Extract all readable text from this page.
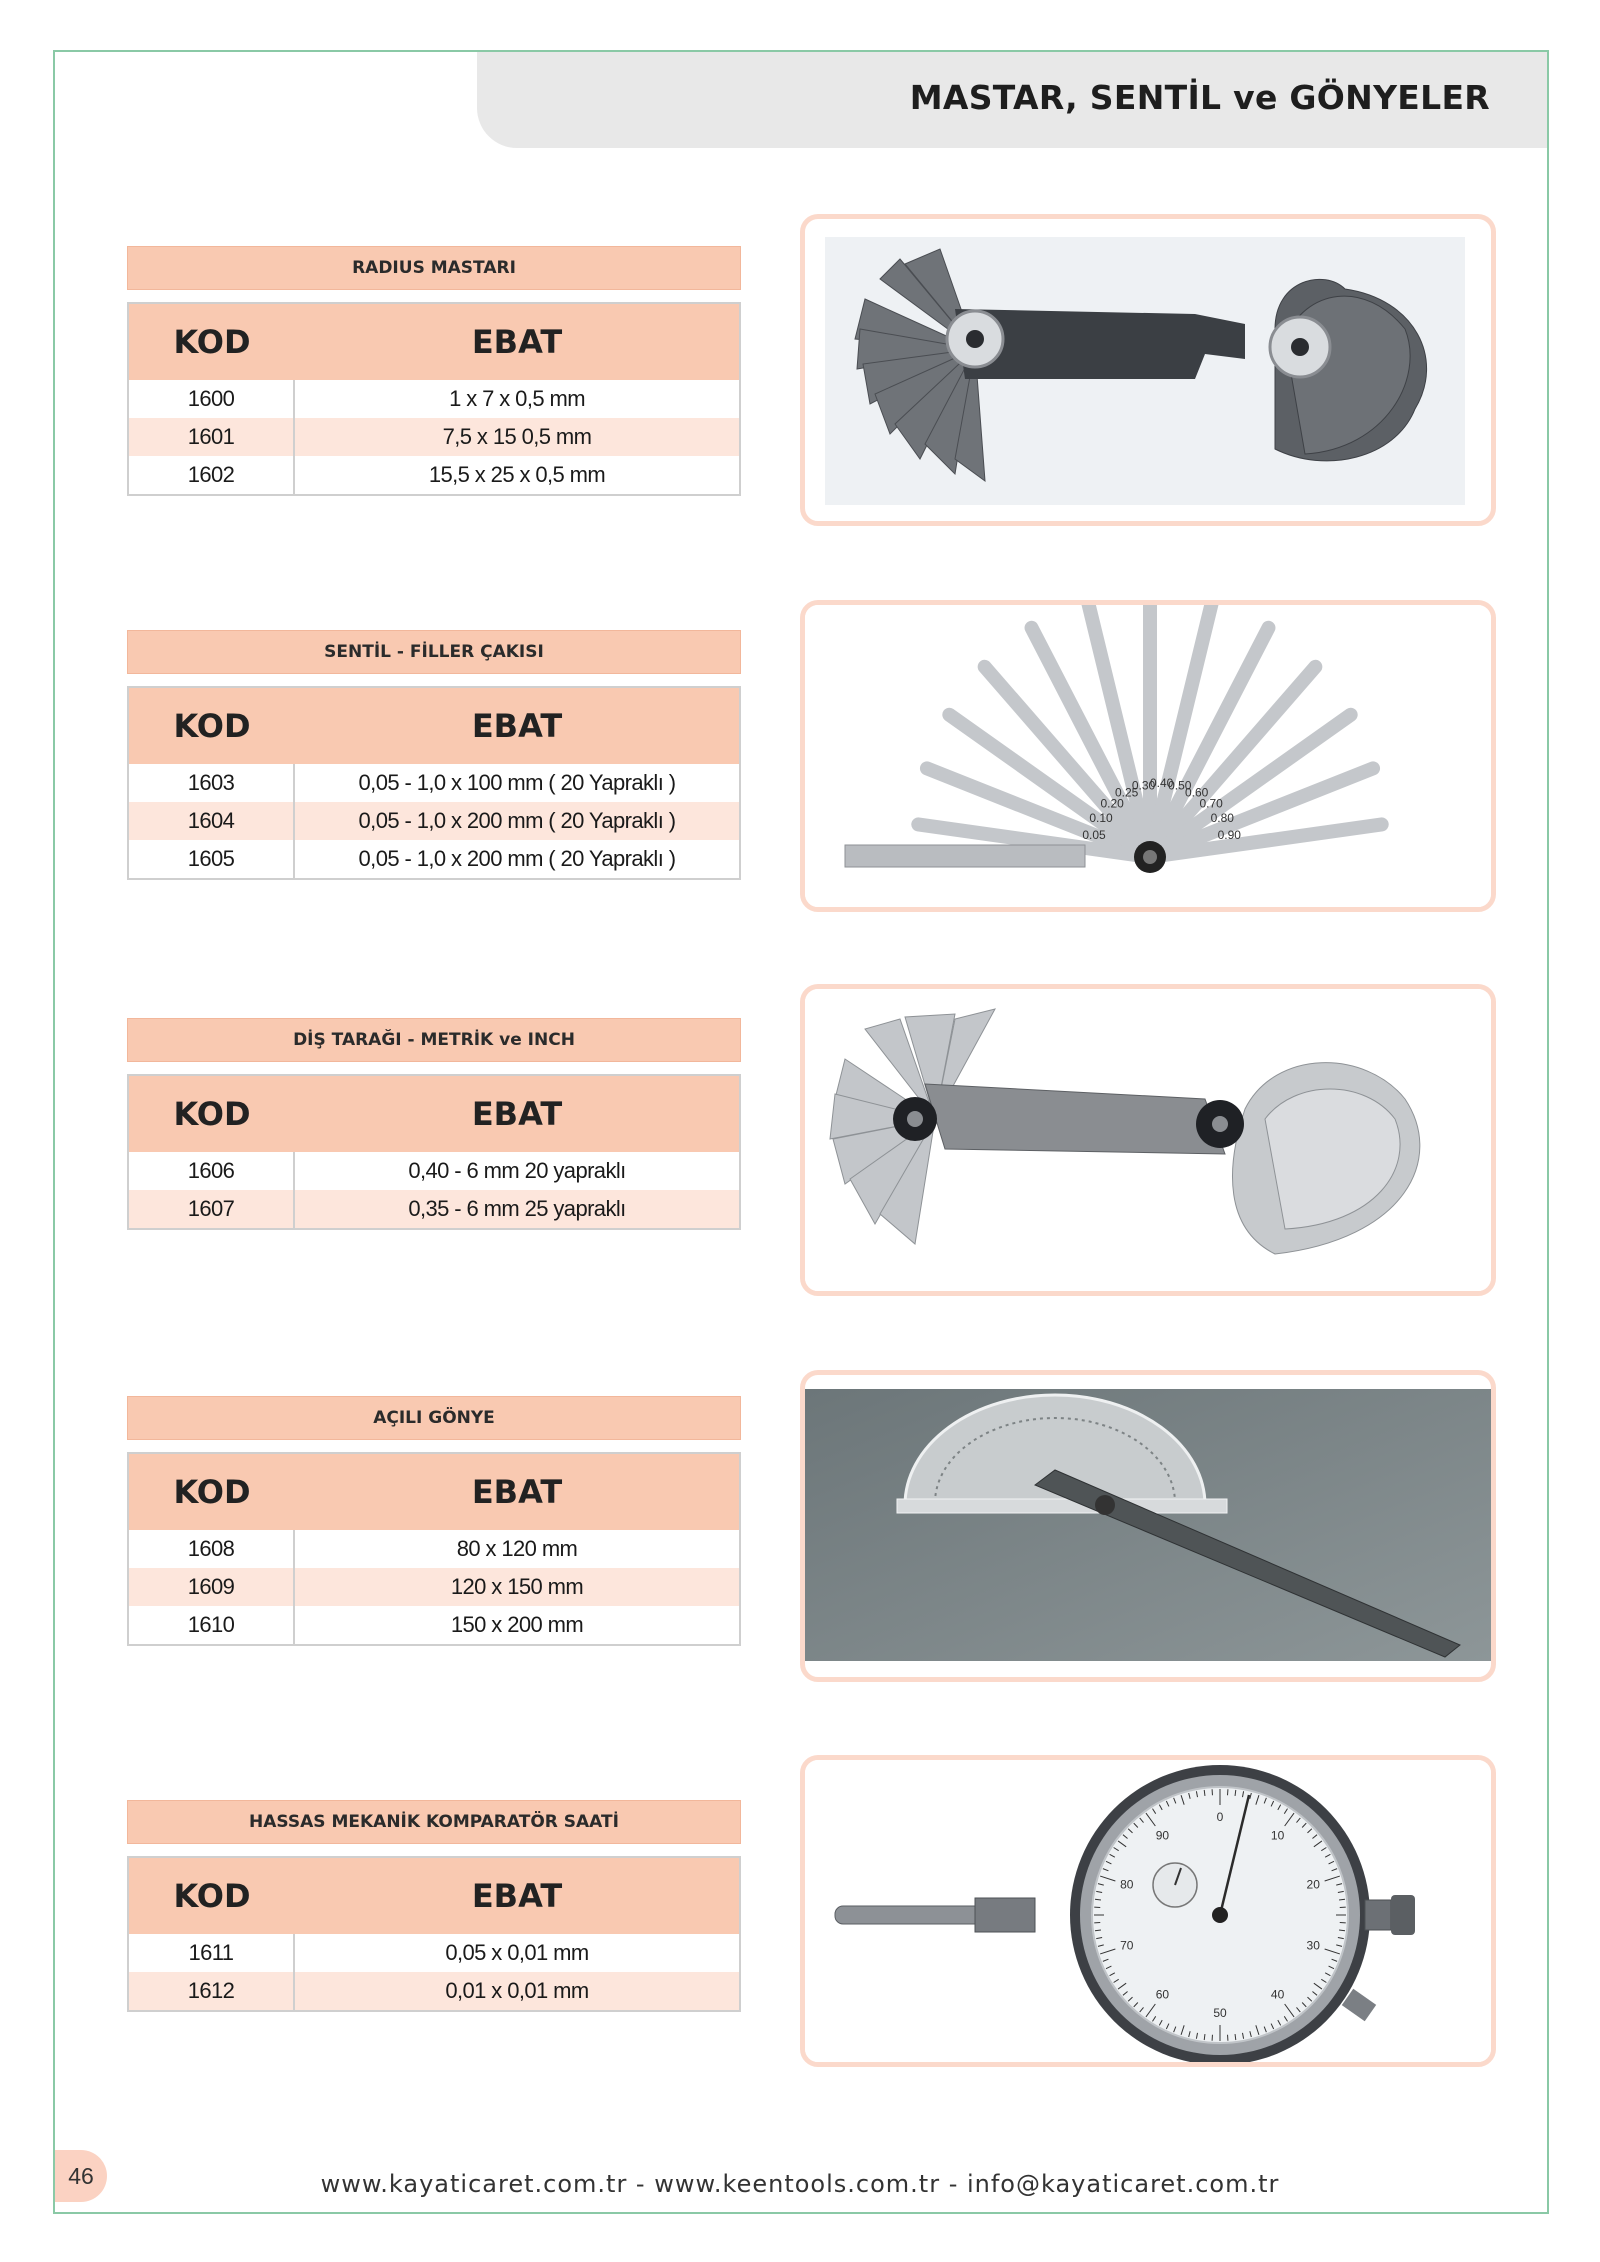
MASTAR, SENTİL ve GÖNYELER
RADIUS MASTARI
KOD	EBAT
1600	1 x 7 x 0,5 mm
1601	7,5 x 15 0,5 mm
1602	15,5 x 25 x 0,5 mm
SENTİL - FİLLER ÇAKISI
KOD	EBAT
1603	0,05 - 1,0 x 100 mm ( 20 Yapraklı )
1604	0,05 - 1,0 x 200 mm ( 20 Yapraklı )
1605	0,05 - 1,0 x 200 mm ( 20 Yapraklı )
DİŞ TARAĞI - METRİK ve INCH
KOD	EBAT
1606	0,40 - 6 mm 20 yapraklı
1607	0,35 - 6 mm 25 yapraklı
AÇILI GÖNYE
KOD	EBAT
1608	80 x 120 mm
1609	120 x 150 mm
1610	150 x 200 mm
HASSAS MEKANİK KOMPARATÖR SAATİ
KOD	EBAT
1611	0,05 x 0,01 mm
1612	0,01 x 0,01 mm
0.05
0.10
0.20
0.25
0.30
0.40
0.50
0.60
0.70
0.80
0.90
0
10
20
30
40
50
60
70
80
90
46	www.kayaticaret.com.tr - www.keentools.com.tr - info@kayaticaret.com.tr
